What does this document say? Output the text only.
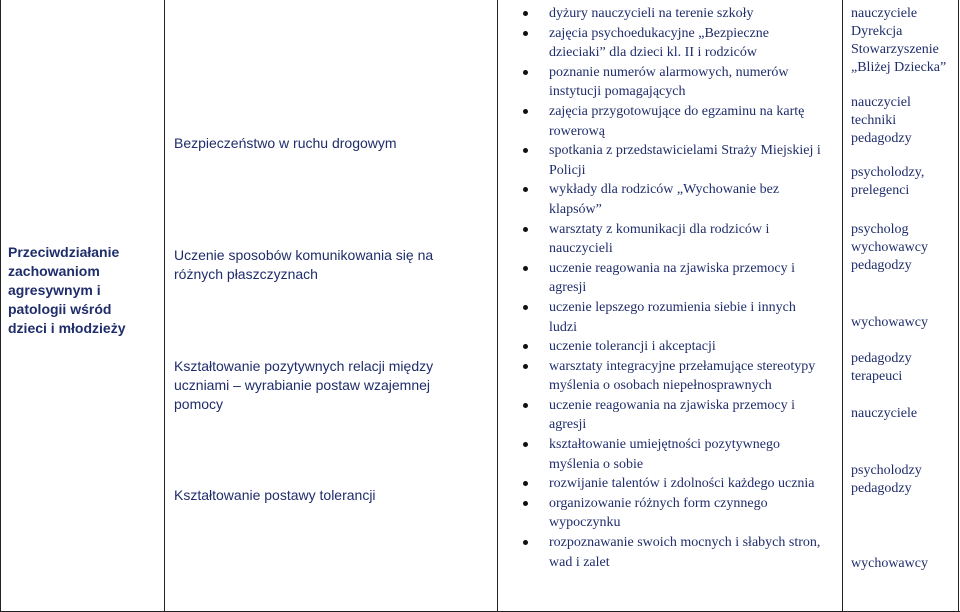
Przeciwdziałanie
zachowaniom
agresywnym i
patologii wśród
dzieci i młodzieży

Bezpieczeństwo w ruchu drogowym

Uczenie sposobów komunikowania się na różnych płaszczyznach

Kształtowanie pozytywnych relacji między uczniami – wyrabianie postaw wzajemnej pomocy

Kształtowanie postawy tolerancji

dyżury nauczycieli na terenie szkoły
zajęcia psychoedukacyjne „Bezpieczne dzieciaki” dla dzieci kl. II i rodziców
poznanie numerów alarmowych, numerów instytucji pomagających
zajęcia przygotowujące do egzaminu na kartę rowerową
spotkania z przedstawicielami Straży Miejskiej i Policji
wykłady dla rodziców „Wychowanie bez klapsów”
warsztaty z komunikacji dla rodziców i nauczycieli
uczenie reagowania na zjawiska przemocy i agresji
uczenie lepszego rozumienia siebie i innych ludzi
uczenie tolerancji i akceptacji
warsztaty integracyjne przełamujące stereotypy myślenia o osobach niepełnosprawnych
uczenie reagowania na zjawiska przemocy i agresji
kształtowanie umiejętności pozytywnego myślenia o sobie
rozwijanie talentów i zdolności każdego ucznia
organizowanie różnych form czynnego wypoczynku
rozpoznawanie swoich mocnych i słabych stron, wad i zalet
nauczyciele
Dyrekcja
Stowarzyszenie
„Bliżej Dziecka”
nauczyciel
techniki
pedagodzy
psycholodzy,
prelegenci
psycholog
wychowawcy
pedagodzy
wychowawcy
pedagodzy
terapeuci
nauczyciele
psycholodzy
pedagodzy
wychowawcy
